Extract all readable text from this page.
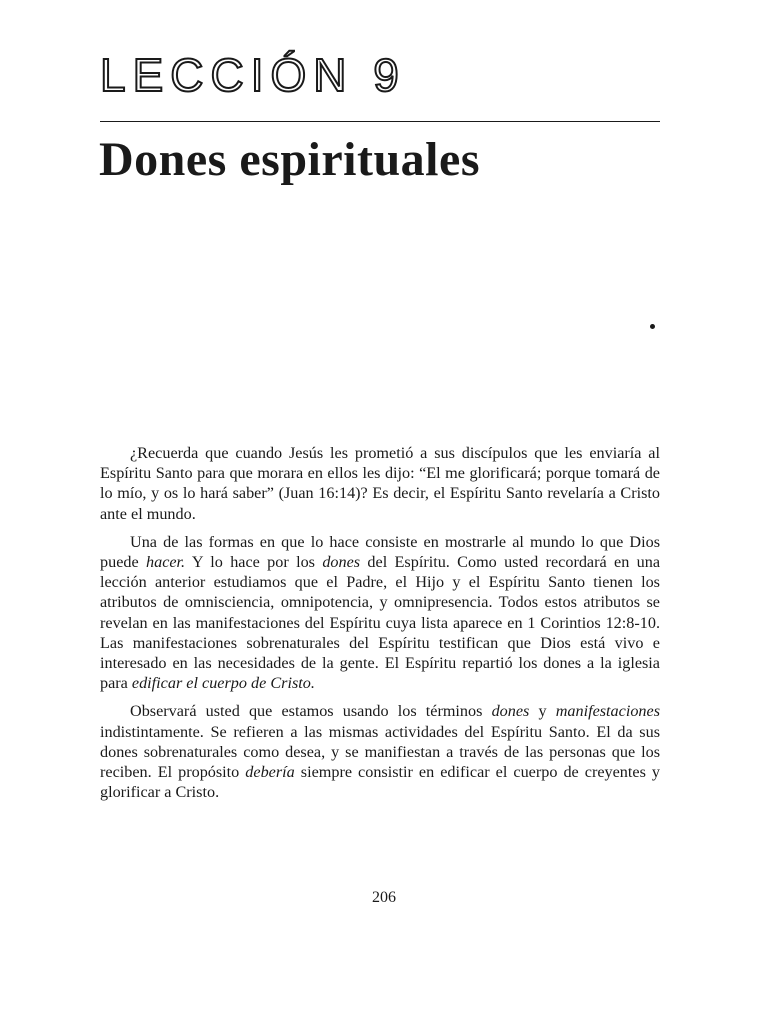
LECCIÓN 9
Dones espirituales

¿Recuerda que cuando Jesús les prometió a sus discípulos que les enviaría al Espíritu Santo para que morara en ellos les dijo: “El me glorificará; porque tomará de lo mío, y os lo hará saber” (Juan 16:14)? Es decir, el Espíritu Santo revelaría a Cristo ante el mundo.

Una de las formas en que lo hace consiste en mostrarle al mundo lo que Dios puede hacer. Y lo hace por los dones del Espíritu. Como usted recordará en una lección anterior estudiamos que el Padre, el Hijo y el Espíritu Santo tienen los atributos de omnisciencia, omnipotencia, y omnipresencia. Todos estos atributos se revelan en las manifestaciones del Espíritu cuya lista aparece en 1 Corintios 12:8-10. Las manifestaciones sobrenaturales del Espíritu testifican que Dios está vivo e interesado en las necesidades de la gente. El Espíritu repartió los dones a la iglesia para edificar el cuerpo de Cristo.

Observará usted que estamos usando los términos dones y manifestaciones indistintamente. Se refieren a las mismas actividades del Espíritu Santo. El da sus dones sobrenaturales como desea, y se manifiestan a través de las personas que los reciben. El propósito debería siempre consistir en edificar el cuerpo de creyentes y glorificar a Cristo.

206
